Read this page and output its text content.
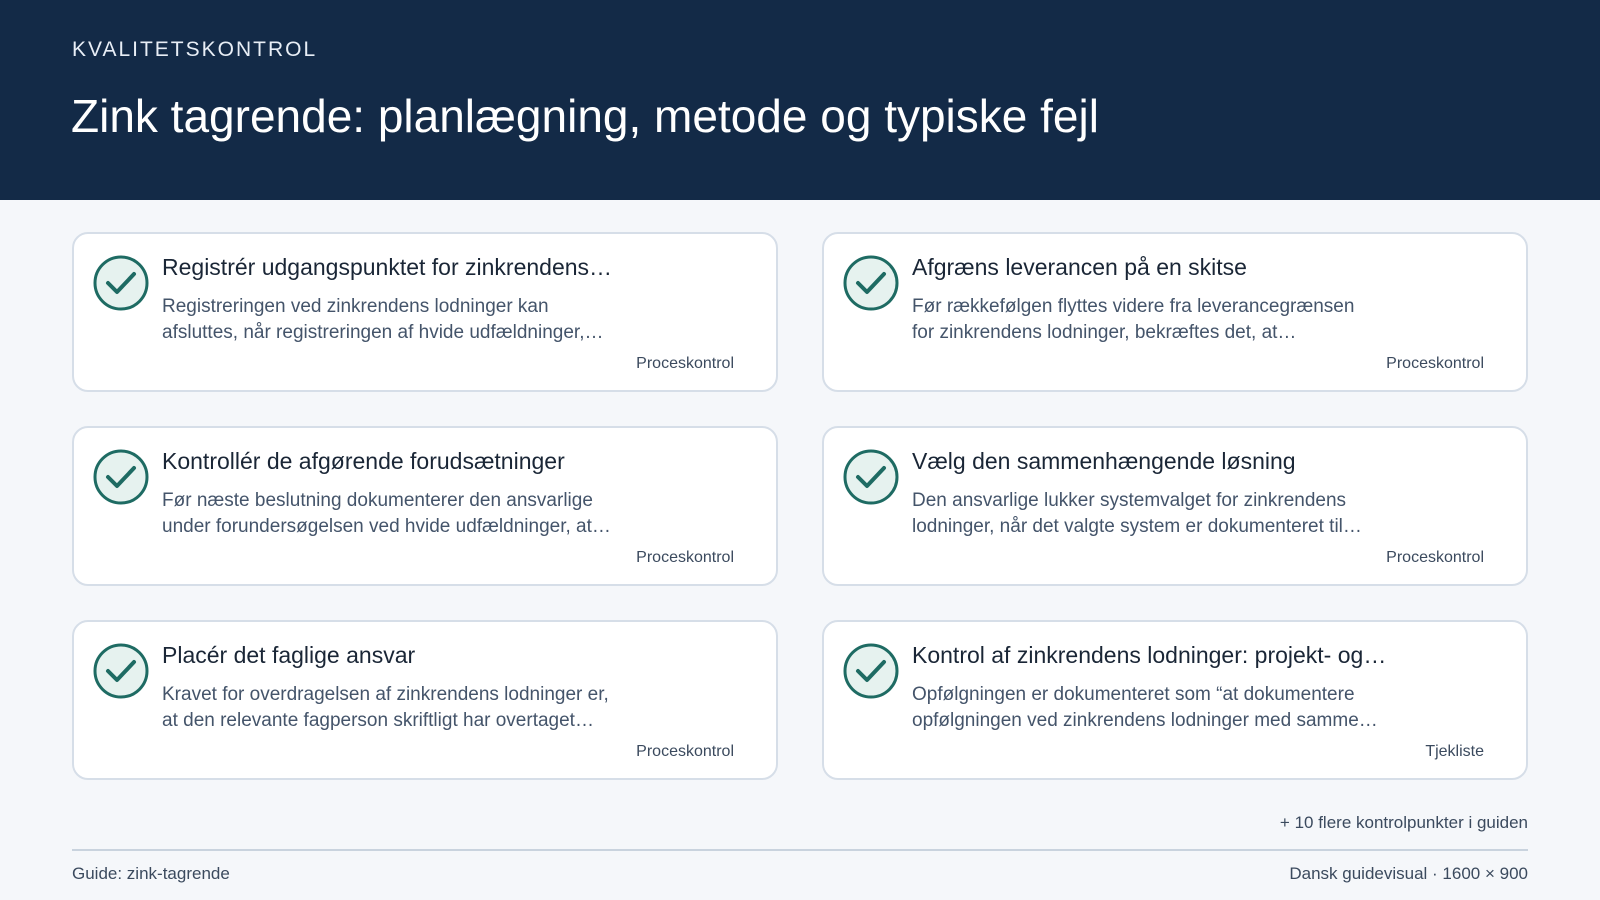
KVALITETSKONTROL
Zink tagrende: planlægning, metode og typiske fejl
Registrér udgangspunktet for zinkrendens…
Registreringen ved zinkrendens lodninger kan
afsluttes, når registreringen af hvide udfældninger,…
Proceskontrol
Afgræns leverancen på en skitse
Før rækkefølgen flyttes videre fra leverancegrænsen
for zinkrendens lodninger, bekræftes det, at…
Proceskontrol
Kontrollér de afgørende forudsætninger
Før næste beslutning dokumenterer den ansvarlige
under forundersøgelsen ved hvide udfældninger, at…
Proceskontrol
Vælg den sammenhængende løsning
Den ansvarlige lukker systemvalget for zinkrendens
lodninger, når det valgte system er dokumenteret til…
Proceskontrol
Placér det faglige ansvar
Kravet for overdragelsen af zinkrendens lodninger er,
at den relevante fagperson skriftligt har overtaget…
Proceskontrol
Kontrol af zinkrendens lodninger: projekt- og…
Opfølgningen er dokumenteret som “at dokumentere
opfølgningen ved zinkrendens lodninger med samme…
Tjekliste
+ 10 flere kontrolpunkter i guiden
Guide: zink-tagrende	Dansk guidevisual · 1600 × 900
